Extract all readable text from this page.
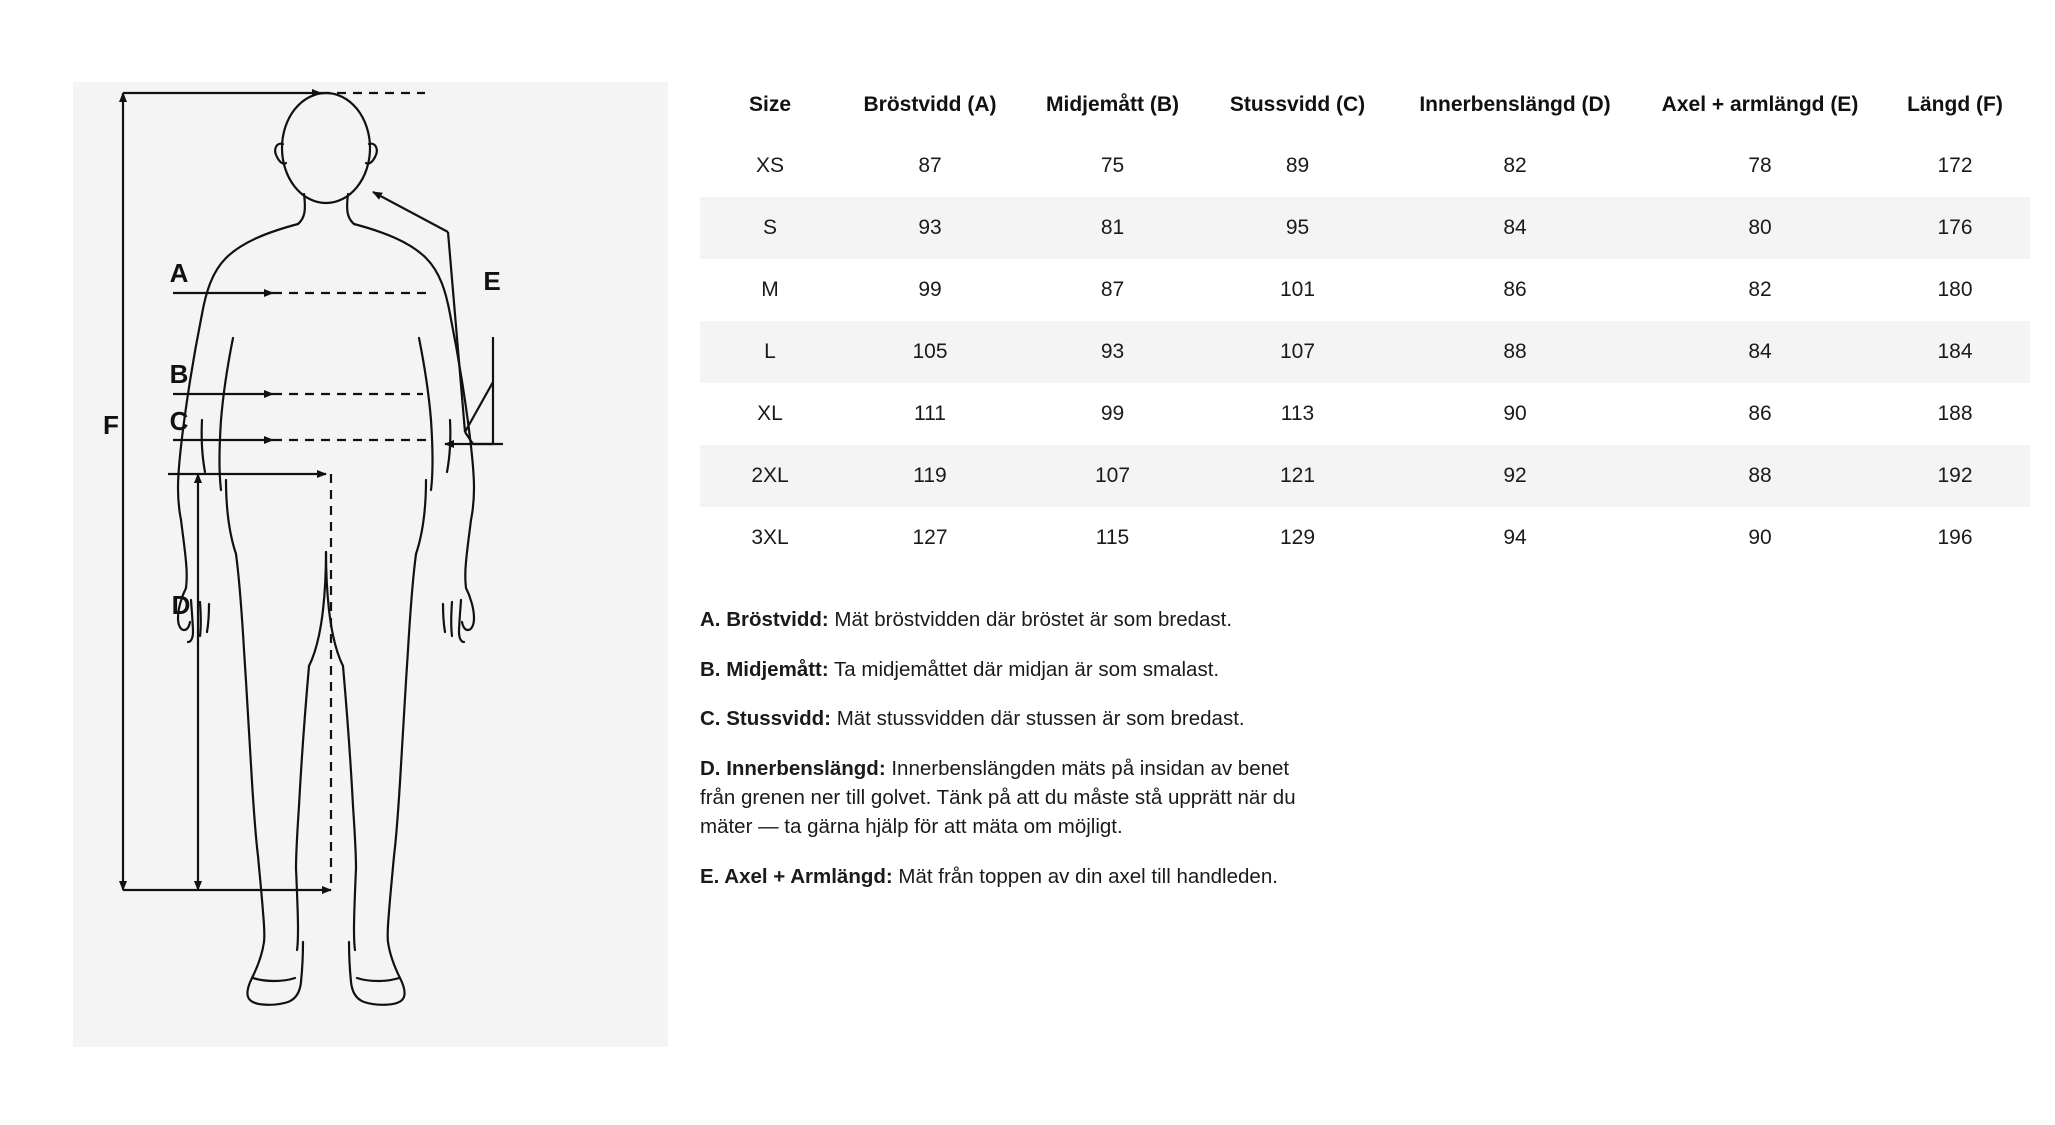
F
A
B
C
D
E
Size	Bröstvidd (A)	Midjemått (B)	Stussvidd (C)	Innerbenslängd (D)	Axel + armlängd (E)	Längd (F)
XS	87	75	89	82	78	172
S	93	81	95	84	80	176
M	99	87	101	86	82	180
L	105	93	107	88	84	184
XL	111	99	113	90	86	188
2XL	119	107	121	92	88	192
3XL	127	115	129	94	90	196

A. Bröstvidd: Mät bröstvidden där bröstet är som bredast.

B. Midjemått: Ta midjemåttet där midjan är som smalast.

C. Stussvidd: Mät stussvidden där stussen är som bredast.

D. Innerbenslängd: Innerbenslängden mäts på insidan av benet från grenen ner till golvet. Tänk på att du måste stå upprätt när du mäter — ta gärna hjälp för att mäta om möjligt.

E. Axel + Armlängd: Mät från toppen av din axel till handleden.
